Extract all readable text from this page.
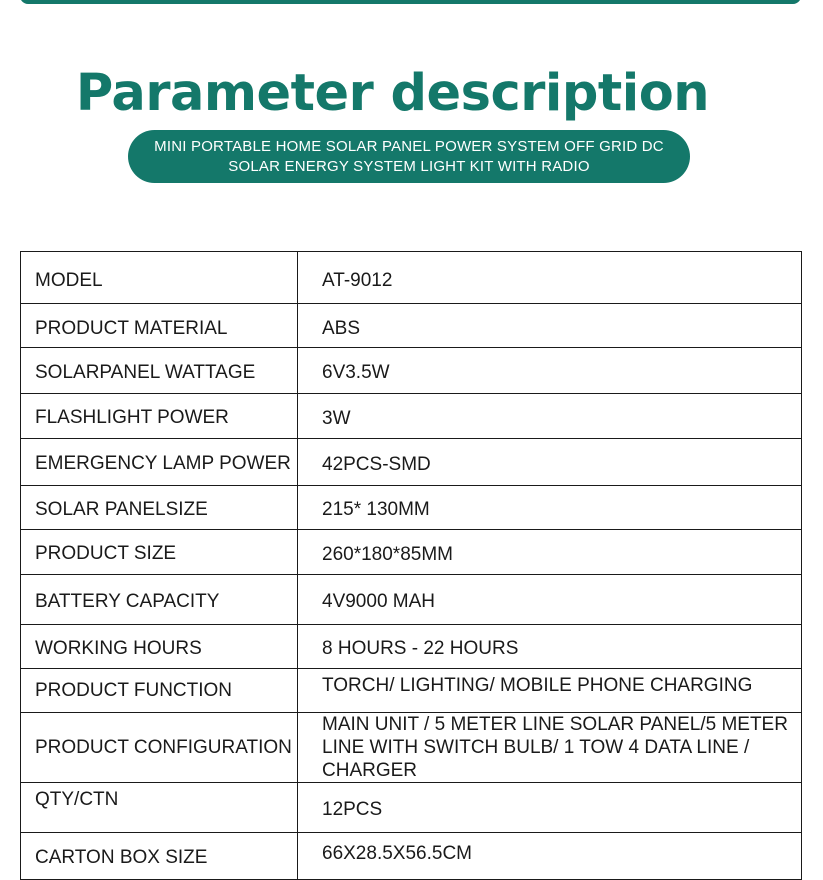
Parameter description
MINI PORTABLE HOME SOLAR PANEL POWER SYSTEM OFF GRID DC
SOLAR ENERGY SYSTEM LIGHT KIT WITH RADIO
MODEL	AT-9012

PRODUCT MATERIAL	ABS

SOLARPANEL WATTAGE	6V3.5W

FLASHLIGHT POWER	3W

EMERGENCY LAMP POWER	42PCS-SMD

SOLAR PANELSIZE	215* 130MM

PRODUCT SIZE	260*180*85MM

BATTERY CAPACITY	4V9000 MAH

WORKING HOURS	8 HOURS - 22 HOURS

PRODUCT FUNCTION	TORCH/ LIGHTING/ MOBILE PHONE CHARGING

PRODUCT CONFIGURATION	MAIN UNIT / 5 METER LINE SOLAR PANEL/5 METER
LINE WITH SWITCH BULB/ 1 TOW 4 DATA LINE / CHARGER

QTY/CTN	12PCS

CARTON BOX SIZE	66X28.5X56.5CM
